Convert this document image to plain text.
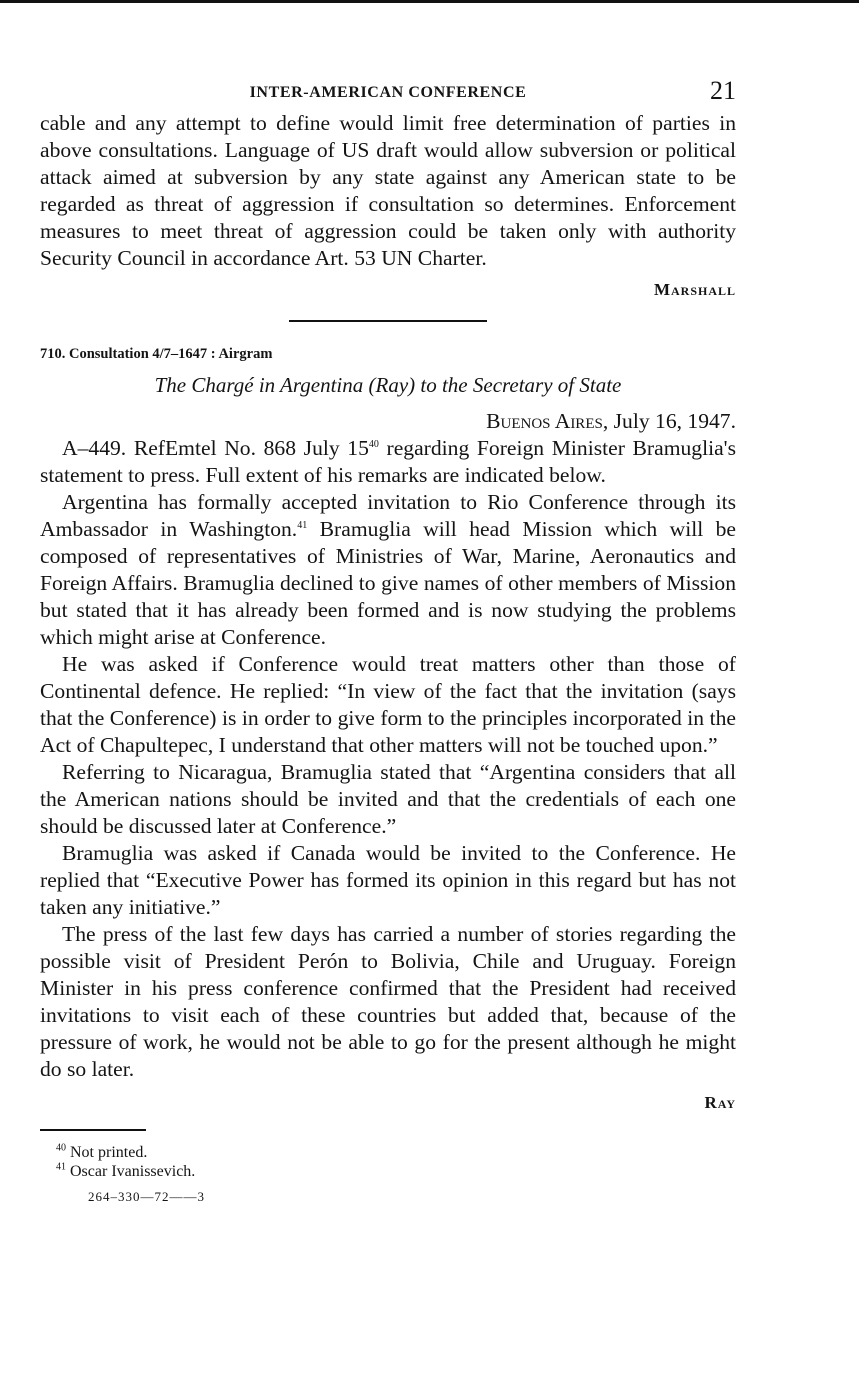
INTER-AMERICAN CONFERENCE	21

cable and any attempt to define would limit free determination of parties in above consultations. Language of US draft would allow subversion or political attack aimed at subversion by any state against any American state to be regarded as threat of aggression if consultation so determines. Enforcement measures to meet threat of aggression could be taken only with authority Security Council in accordance Art. 53 UN Charter.

Marshall
710. Consultation 4/7–1647 : Airgram
The Chargé in Argentina (Ray) to the Secretary of State
Buenos Aires, July 16, 1947.

A–449. RefEmtel No. 868 July $15^{40}$ regarding Foreign Minister Bramuglia's statement to press. Full extent of his remarks are indicated below.

Argentina has formally accepted invitation to Rio Conference through its Ambassador in Washington.$^{41}$ Bramuglia will head Mission which will be composed of representatives of Ministries of War, Marine, Aeronautics and Foreign Affairs. Bramuglia declined to give names of other members of Mission but stated that it has already been formed and is now studying the problems which might arise at Conference.

He was asked if Conference would treat matters other than those of Continental defence. He replied: “In view of the fact that the invitation (says that the Conference) is in order to give form to the principles incorporated in the Act of Chapultepec, I understand that other matters will not be touched upon.”

Referring to Nicaragua, Bramuglia stated that “Argentina considers that all the American nations should be invited and that the credentials of each one should be discussed later at Conference.”

Bramuglia was asked if Canada would be invited to the Conference. He replied that “Executive Power has formed its opinion in this regard but has not taken any initiative.”

The press of the last few days has carried a number of stories regarding the possible visit of President Perón to Bolivia, Chile and Uruguay. Foreign Minister in his press conference confirmed that the President had received invitations to visit each of these countries but added that, because of the pressure of work, he would not be able to go for the present although he might do so later.

Ray
$^{40}$ Not printed.
$^{41}$ Oscar Ivanissevich.
264–330—72——3
